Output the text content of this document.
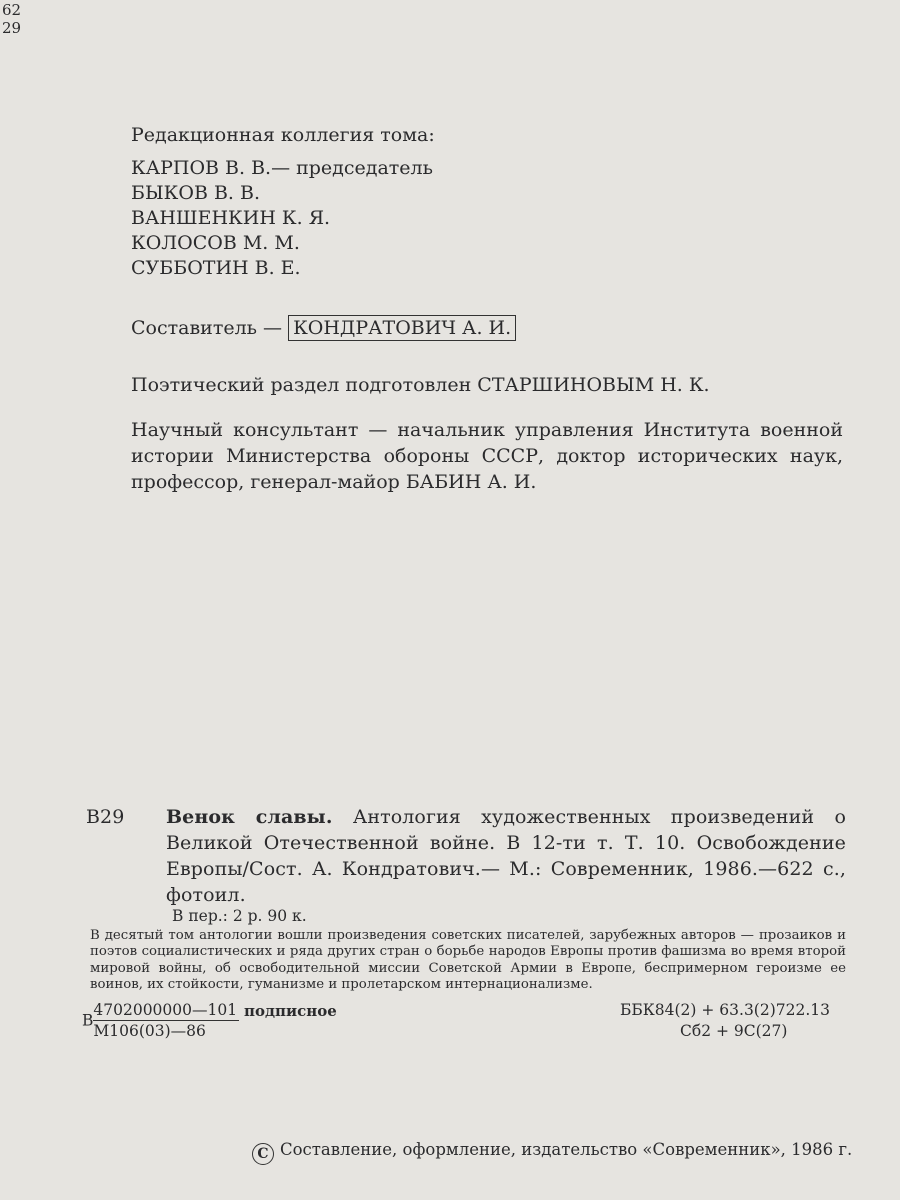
62
29
Редакционная коллегия тома:
КАРПОВ В. В.— председатель
БЫКОВ В. В.
ВАНШЕНКИН К. Я.
КОЛОСОВ М. М.
СУББОТИН В. Е.
Составитель — КОНДРАТОВИЧ А. И.
Поэтический раздел подготовлен СТАРШИНОВЫМ Н. К.
Научный консультант — начальник управления Института военной истории Министерства обороны СССР, доктор исторических наук, профессор, генерал-майор БАБИН А. И.
В29 Венок славы. Антология художественных произведений о Великой Отечественной войне. В 12-ти т. Т. 10. Освобождение Европы/Сост. А. Кондратович.— М.: Современник, 1986.—622 с., фотоил.
В пер.: 2 р. 90 к.
В десятый том антологии вошли произведения советских писателей, зарубежных авторов — прозаиков и поэтов социалистических и ряда других стран о борьбе народов Европы против фашизма во время второй мировой войны, об освободительной миссии Советской Армии в Европе, беспримерном героизме ее воинов, их стойкости, гуманизме и пролетарском интернационализме.
В $\frac{4702000000—101}{М106(03)—86}$ подписное	ББК84(2) + 63.3(2)722.13
Сб2 + 9С(27)
С Составление, оформление, издательство «Современник», 1986 г.
